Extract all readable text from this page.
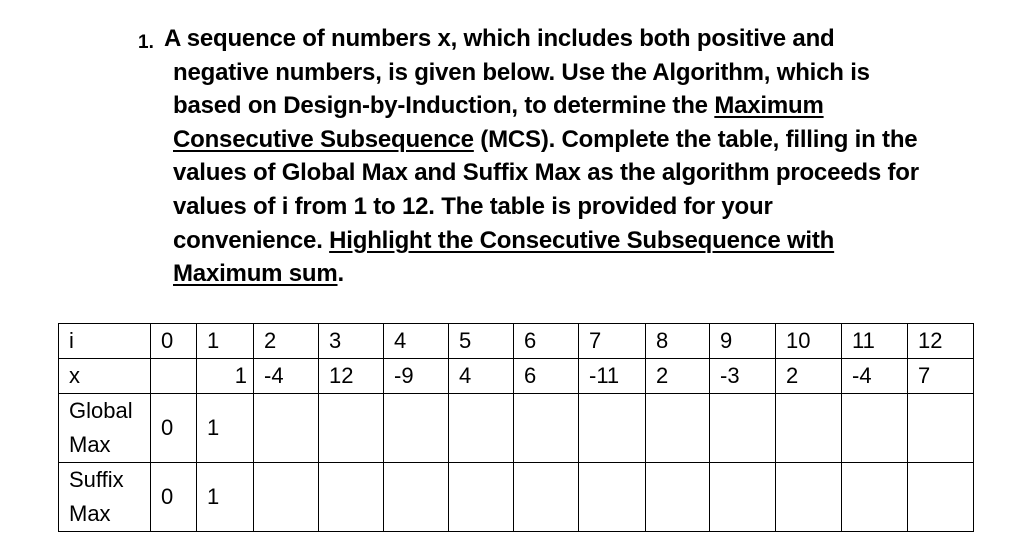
1. A sequence of numbers x, which includes both positive and
negative numbers, is given below. Use the Algorithm, which is
based on Design-by-Induction, to determine the Maximum
Consecutive Subsequence (MCS). Complete the table, filling in the
values of Global Max and Suffix Max as the algorithm proceeds for
values of i from 1 to 12. The table is provided for your
convenience. Highlight the Consecutive Subsequence with
Maximum sum.
i	0	1	2	3	4	5	6	7	8	9	10	11	12
x		1	-4	12	-9	4	6	-11	2	-3	2	-4	7
Global Max	0	1											
Suffix Max	0	1											
